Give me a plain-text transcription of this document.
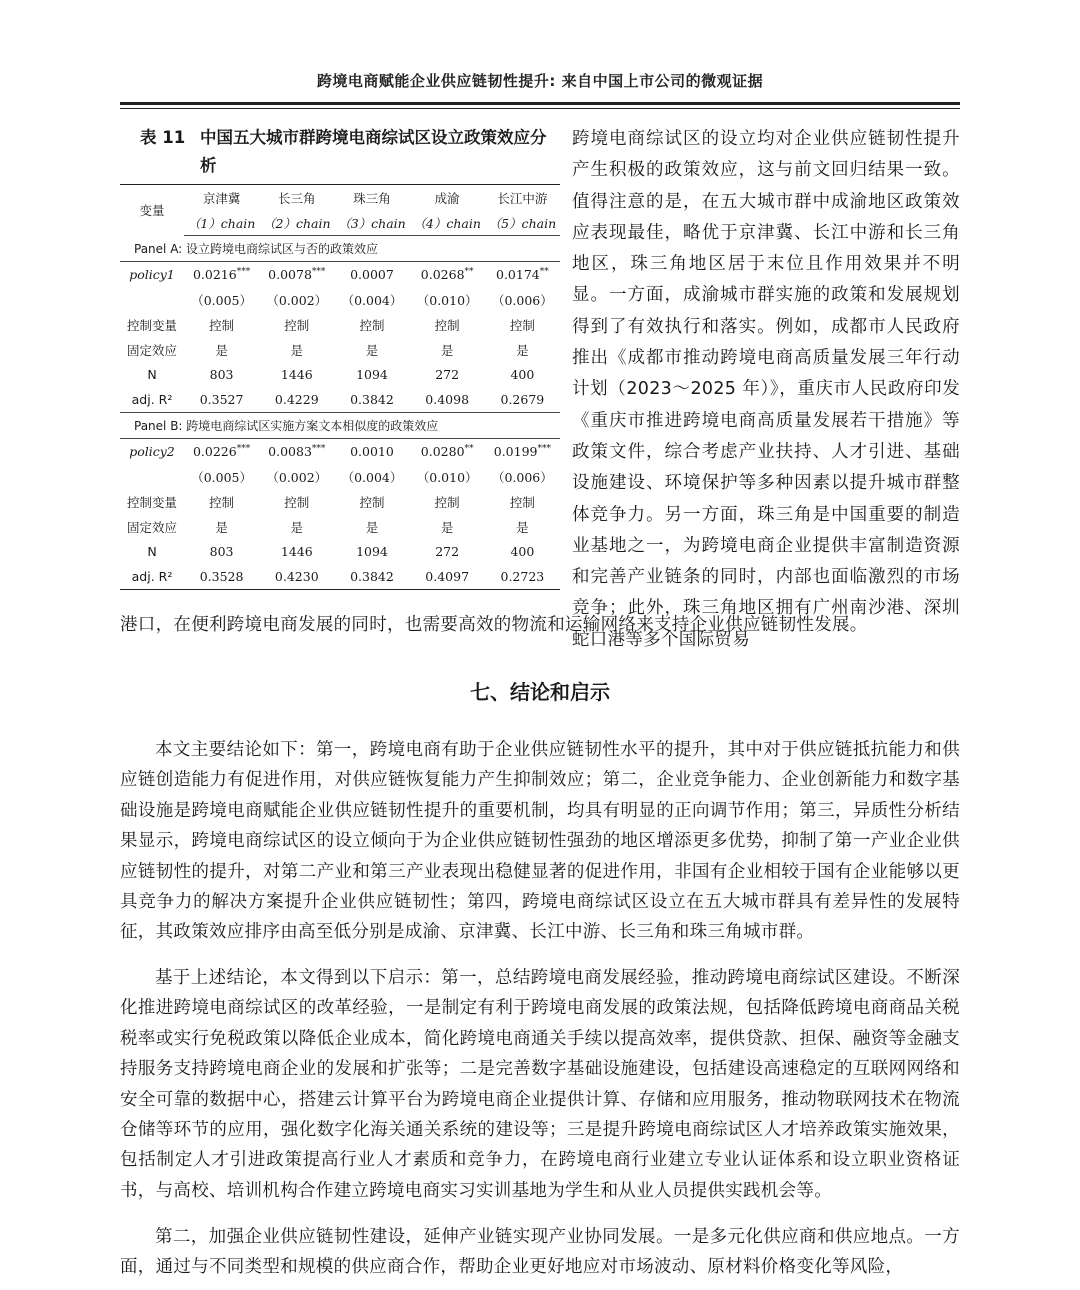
跨境电商赋能企业供应链韧性提升: 来自中国上市公司的微观证据
表 11 中国五大城市群跨境电商综试区设立政策效应分析
变量	京津冀	长三角	珠三角	成渝	长江中游
	（1）chain	（2）chain	（3）chain	（4）chain	（5）chain
Panel A: 设立跨境电商综试区与否的政策效应					
policy1	0.0216***	0.0078***	0.0007	0.0268**	0.0174**
	（0.005）	（0.002）	（0.004）	（0.010）	（0.006）
控制变量	控制	控制	控制	控制	控制
固定效应	是	是	是	是	是
N	803	1446	1094	272	400
adj. R²	0.3527	0.4229	0.3842	0.4098	0.2679
Panel B: 跨境电商综试区实施方案文本相似度的政策效应					
policy2	0.0226***	0.0083***	0.0010	0.0280**	0.0199***
	（0.005）	（0.002）	（0.004）	（0.010）	（0.006）
控制变量	控制	控制	控制	控制	控制
固定效应	是	是	是	是	是
N	803	1446	1094	272	400
adj. R²	0.3528	0.4230	0.3842	0.4097	0.2723
跨境电商综试区的设立均对企业供应链韧性提升产生积极的政策效应，这与前文回归结果一致。值得注意的是，在五大城市群中成渝地区政策效应表现最佳，略优于京津冀、长江中游和长三角地区，珠三角地区居于末位且作用效果并不明显。一方面，成渝城市群实施的政策和发展规划得到了有效执行和落实。例如，成都市人民政府推出《成都市推动跨境电商高质量发展三年行动计划（2023～2025 年）》，重庆市人民政府印发《重庆市推进跨境电商高质量发展若干措施》等政策文件，综合考虑产业扶持、人才引进、基础设施建设、环境保护等多种因素以提升城市群整体竞争力。另一方面，珠三角是中国重要的制造业基地之一，为跨境电商企业提供丰富制造资源和完善产业链条的同时，内部也面临激烈的市场竞争；此外，珠三角地区拥有广州南沙港、深圳蛇口港等多个国际贸易
港口，在便利跨境电商发展的同时，也需要高效的物流和运输网络来支持企业供应链韧性发展。
七、结论和启示
本文主要结论如下：第一，跨境电商有助于企业供应链韧性水平的提升，其中对于供应链抵抗能力和供应链创造能力有促进作用，对供应链恢复能力产生抑制效应；第二，企业竞争能力、企业创新能力和数字基础设施是跨境电商赋能企业供应链韧性提升的重要机制，均具有明显的正向调节作用；第三，异质性分析结果显示，跨境电商综试区的设立倾向于为企业供应链韧性强劲的地区增添更多优势，抑制了第一产业企业供应链韧性的提升，对第二产业和第三产业表现出稳健显著的促进作用，非国有企业相较于国有企业能够以更具竞争力的解决方案提升企业供应链韧性；第四，跨境电商综试区设立在五大城市群具有差异性的发展特征，其政策效应排序由高至低分别是成渝、京津冀、长江中游、长三角和珠三角城市群。
基于上述结论，本文得到以下启示：第一，总结跨境电商发展经验，推动跨境电商综试区建设。不断深化推进跨境电商综试区的改革经验，一是制定有利于跨境电商发展的政策法规，包括降低跨境电商商品关税税率或实行免税政策以降低企业成本，简化跨境电商通关手续以提高效率，提供贷款、担保、融资等金融支持服务支持跨境电商企业的发展和扩张等；二是完善数字基础设施建设，包括建设高速稳定的互联网网络和安全可靠的数据中心，搭建云计算平台为跨境电商企业提供计算、存储和应用服务，推动物联网技术在物流仓储等环节的应用，强化数字化海关通关系统的建设等；三是提升跨境电商综试区人才培养政策实施效果，包括制定人才引进政策提高行业人才素质和竞争力，在跨境电商行业建立专业认证体系和设立职业资格证书，与高校、培训机构合作建立跨境电商实习实训基地为学生和从业人员提供实践机会等。
第二，加强企业供应链韧性建设，延伸产业链实现产业协同发展。一是多元化供应商和供应地点。一方面，通过与不同类型和规模的供应商合作，帮助企业更好地应对市场波动、原材料价格变化等风险，
